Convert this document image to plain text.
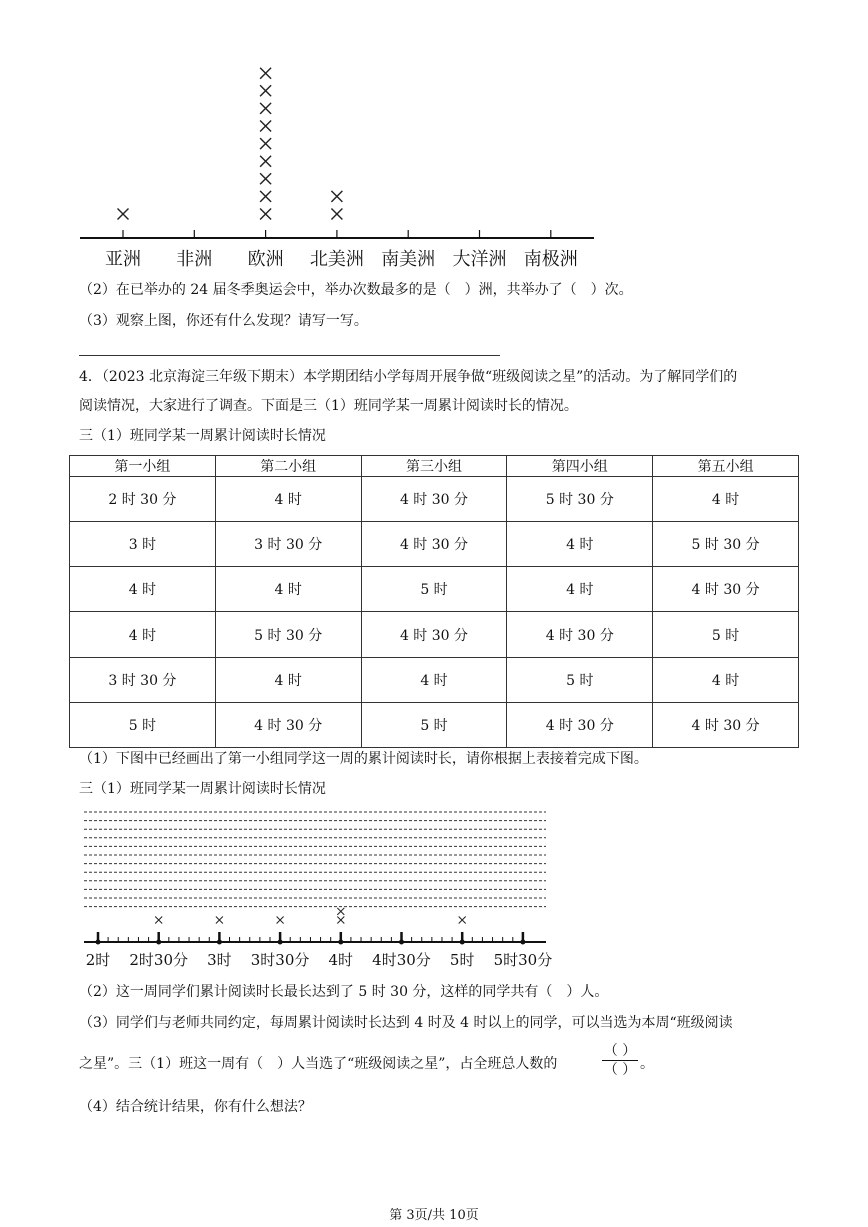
亚洲 非洲 欧洲 北美洲 南美洲 大洋洲 南极洲
（2）在已举办的 24 届冬季奥运会中，举办次数最多的是（　）洲，共举办了（　）次。
（3）观察上图，你还有什么发现？请写一写。
4．（2023 北京海淀三年级下期末）本学期团结小学每周开展争做“班级阅读之星”的活动。为了解同学们的
阅读情况，大家进行了调查。下面是三（1）班同学某一周累计阅读时长的情况。
三（1）班同学某一周累计阅读时长情况
第一小组	第二小组	第三小组	第四小组	第五小组
2 时 30 分	4 时	4 时 30 分	5 时 30 分	4 时
3 时	3 时 30 分	4 时 30 分	4 时	5 时 30 分
4 时	4 时	5 时	4 时	4 时 30 分
4 时	5 时 30 分	4 时 30 分	4 时 30 分	5 时
3 时 30 分	4 时	4 时	5 时	4 时
5 时	4 时 30 分	5 时	4 时 30 分	4 时 30 分
（1）下图中已经画出了第一小组同学这一周的累计阅读时长，请你根据上表接着完成下图。
三（1）班同学某一周累计阅读时长情况
2时 2时30分 3时 3时30分 4时 4时30分 5时 5时30分
（2）这一周同学们累计阅读时长最长达到了 5 时 30 分，这样的同学共有（　）人。
（3）同学们与老师共同约定，每周累计阅读时长达到 4 时及 4 时以上的同学，可以当选为本周“班级阅读
之星”。三（1）班这一周有（　）人当选了“班级阅读之星”，占全班总人数的
（ ）
（ ） 。
（4）结合统计结果，你有什么想法？
第 3页/共 10页
